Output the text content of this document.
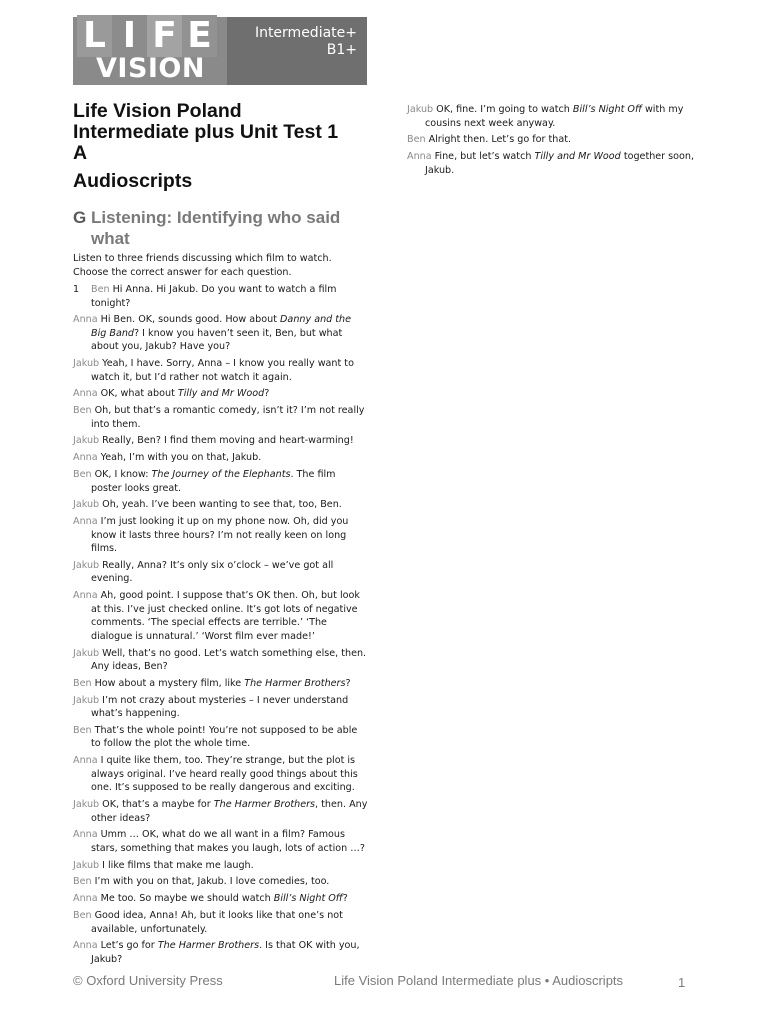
L I F E
VISION
Intermediate+
B1+
Life Vision Poland
Intermediate plus Unit Test 1
A
Audioscripts
G Listening: Identifying who said what
Listen to three friends discussing which film to watch. Choose the correct answer for each question.
1 Ben Hi Anna. Hi Jakub. Do you want to watch a film tonight?
Anna Hi Ben. OK, sounds good. How about Danny and the Big Band? I know you haven’t seen it, Ben, but what about you, Jakub? Have you?
Jakub Yeah, I have. Sorry, Anna – I know you really want to watch it, but I’d rather not watch it again.
Anna OK, what about Tilly and Mr Wood?
Ben Oh, but that’s a romantic comedy, isn’t it? I’m not really into them.
Jakub Really, Ben? I find them moving and heart-warming!
Anna Yeah, I’m with you on that, Jakub.
Ben OK, I know: The Journey of the Elephants. The film poster looks great.
Jakub Oh, yeah. I’ve been wanting to see that, too, Ben.
Anna I’m just looking it up on my phone now. Oh, did you know it lasts three hours? I’m not really keen on long films.
Jakub Really, Anna? It’s only six o’clock – we’ve got all evening.
Anna Ah, good point. I suppose that’s OK then. Oh, but look at this. I’ve just checked online. It’s got lots of negative comments. ‘The special effects are terrible.’ ‘The dialogue is unnatural.’ ‘Worst film ever made!’
Jakub Well, that’s no good. Let’s watch something else, then. Any ideas, Ben?
Ben How about a mystery film, like The Harmer Brothers?
Jakub I’m not crazy about mysteries – I never understand what’s happening.
Ben That’s the whole point! You’re not supposed to be able to follow the plot the whole time.
Anna I quite like them, too. They’re strange, but the plot is always original. I’ve heard really good things about this one. It’s supposed to be really dangerous and exciting.
Jakub OK, that’s a maybe for The Harmer Brothers, then. Any other ideas?
Anna Umm … OK, what do we all want in a film? Famous stars, something that makes you laugh, lots of action …?
Jakub I like films that make me laugh.
Ben I’m with you on that, Jakub. I love comedies, too.
Anna Me too. So maybe we should watch Bill’s Night Off?
Ben Good idea, Anna! Ah, but it looks like that one’s not available, unfortunately.
Anna Let’s go for The Harmer Brothers. Is that OK with you, Jakub?
Jakub OK, fine. I’m going to watch Bill’s Night Off with my cousins next week anyway.
Ben Alright then. Let’s go for that.
Anna Fine, but let’s watch Tilly and Mr Wood together soon, Jakub.
© Oxford University Press	Life Vision Poland Intermediate plus • Audioscripts	1
